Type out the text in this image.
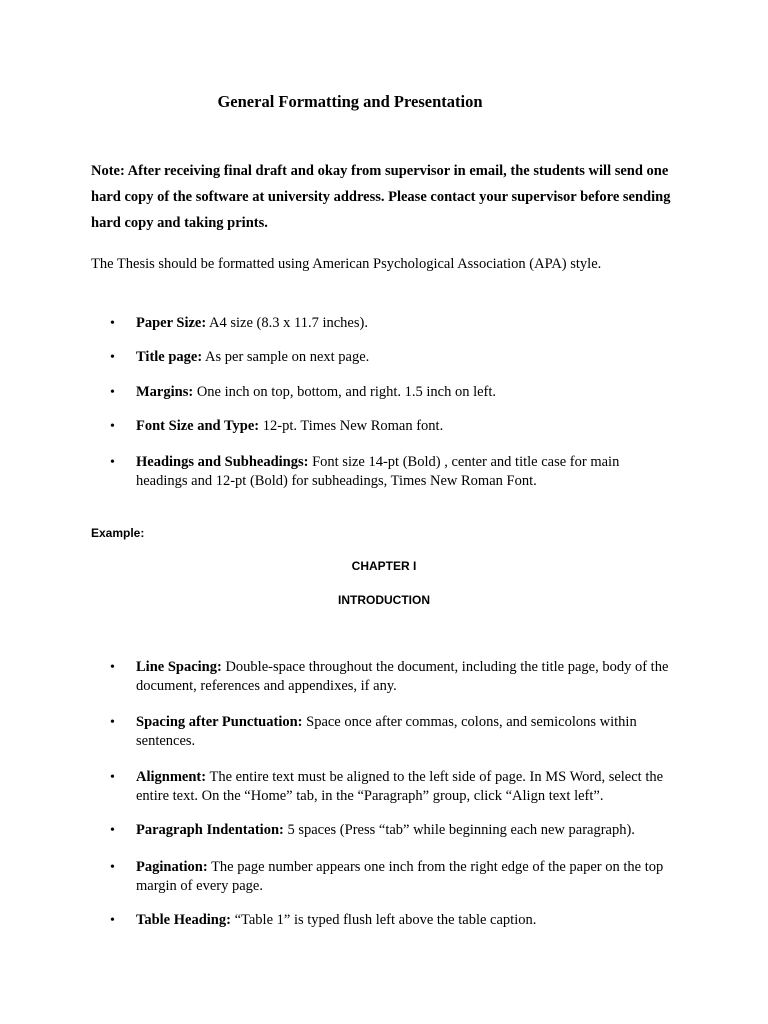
General Formatting and Presentation
Note: After receiving final draft and okay from supervisor in email, the students will send one hard copy of the software at university address. Please contact your supervisor before sending hard copy and taking prints.
The Thesis should be formatted using American Psychological Association (APA) style.
• Paper Size: A4 size (8.3 x 11.7 inches).
• Title page: As per sample on next page.
• Margins: One inch on top, bottom, and right. 1.5 inch on left.
• Font Size and Type: 12-pt. Times New Roman font.
• Headings and Subheadings: Font size 14-pt (Bold) , center and title case for main headings and 12-pt (Bold) for subheadings, Times New Roman Font.
Example:
CHAPTER I
INTRODUCTION
• Line Spacing: Double-space throughout the document, including the title page, body of the document, references and appendixes, if any.
• Spacing after Punctuation: Space once after commas, colons, and semicolons within sentences.
• Alignment: The entire text must be aligned to the left side of page. In MS Word, select the entire text. On the “Home” tab, in the “Paragraph” group, click “Align text left”.
• Paragraph Indentation: 5 spaces (Press “tab” while beginning each new paragraph).
• Pagination: The page number appears one inch from the right edge of the paper on the top margin of every page.
• Table Heading: “Table 1” is typed flush left above the table caption.
